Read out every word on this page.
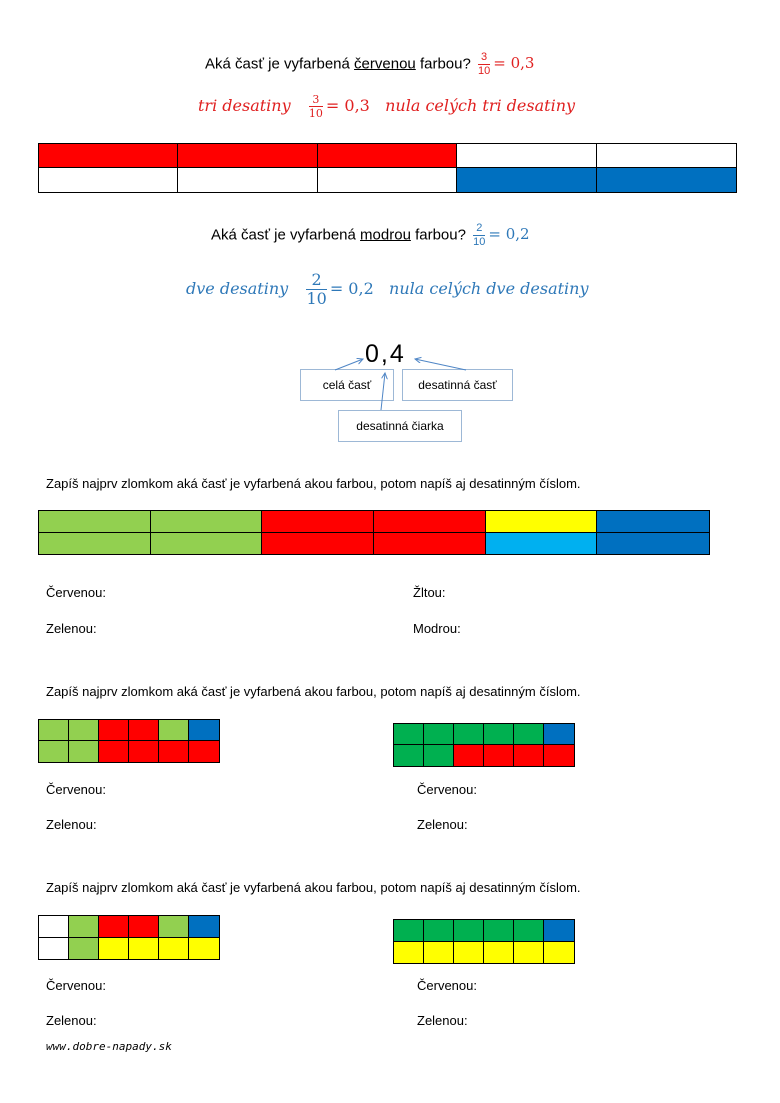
Aká časť je vyfarbená červenou farbou? $\frac{3}{10} = 0,3$
tri desatiny $\frac{3}{10} = 0,3$ nula celých tri desatiny
Aká časť je vyfarbená modrou farbou? $\frac{2}{10} = 0,2$
dve desatiny $\frac{2}{10} = 0,2$ nula celých dve desatiny
0,4
celá časť	desatinná časť
desatinná čiarka
Zapíš najprv zlomkom aká časť je vyfarbená akou farbou, potom napíš aj desatinným číslom.
Červenou:
Zelenou:
Žltou:
Modrou:
Zapíš najprv zlomkom aká časť je vyfarbená akou farbou, potom napíš aj desatinným číslom.
Červenou:
Zelenou:
Červenou:
Zelenou:
Zapíš najprv zlomkom aká časť je vyfarbená akou farbou, potom napíš aj desatinným číslom.
Červenou:
Zelenou:
Červenou:
Zelenou:
www.dobre-napady.sk
